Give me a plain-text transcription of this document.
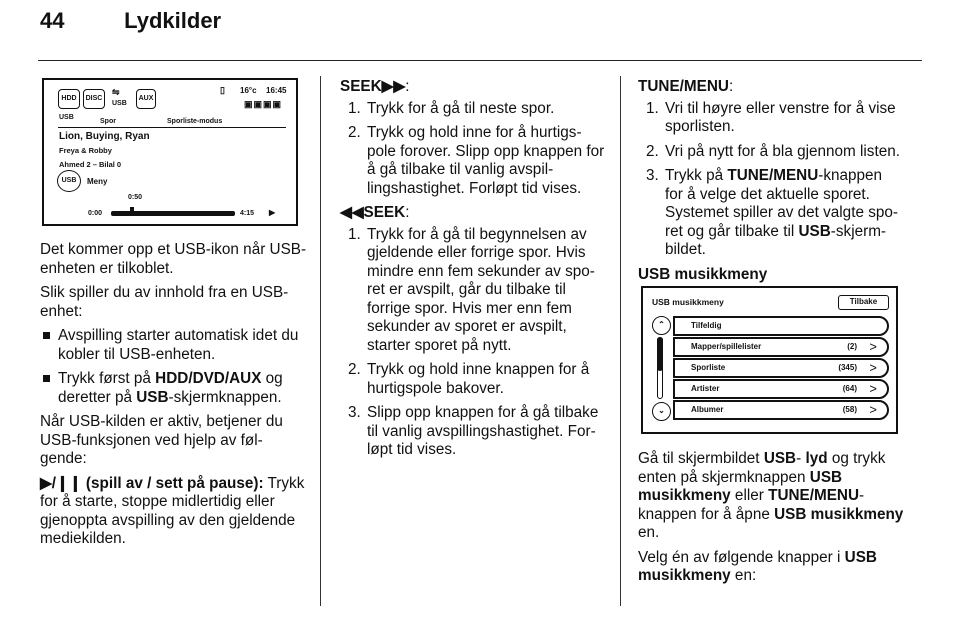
44	Lydkilder
HDD	DISC
⇋
USB
AUX
▯ 16°c 16:45
▣▣▣▣
USB
Spor	Sporliste-modus
Lion, Buying, Ryan
Freya & Robby
Ahmed 2 – Bilal 0
USB	Meny
0:50
0:00	4:15 ▶

Det kommer opp et USB-ikon når USB-enheten er tilkoblet.

Slik spiller du av innhold fra en USB-enhet:

Avspilling starter automatisk idet du kobler til USB-enheten.
Trykk først på HDD/DVD/AUX og deretter på USB-skjermknappen.

Når USB-kilden er aktiv, betjener du USB-funksjonen ved hjelp av føl-gende:

▶/❙❙ (spill av / sett på pause): Trykk for å starte, stoppe midlertidig eller gjenoppta avspilling av den gjeldende mediekilden.

SEEK▶▶:

1. Trykk for å gå til neste spor.
2. Trykk og hold inne for å hurtigs-pole forover. Slipp opp knappen for å gå tilbake til vanlig avspil-lingshastighet. Forløpt tid vises.

◀◀SEEK:

1. Trykk for å gå til begynnelsen av gjeldende eller forrige spor. Hvis mindre enn fem sekunder av spo-ret er avspilt, går du tilbake til forrige spor. Hvis mer enn fem sekunder av sporet er avspilt, starter sporet på nytt.
2. Trykk og hold inne knappen for å hurtigspole bakover.
3. Slipp opp knappen for å gå tilbake til vanlig avspillingshastighet. For-løpt tid vises.

TUNE/MENU:

1. Vri til høyre eller venstre for å vise sporlisten.
2. Vri på nytt for å bla gjennom listen.
3. Trykk på TUNE/MENU-knappen for å velge det aktuelle sporet. Systemet spiller av det valgte spo-ret og går tilbake til USB-skjerm-bildet.

USB musikkmeny

USB musikkmeny	Tilbake
⌃
⌄
Tilfeldig
Mapper/spillelister	(2) >
Sporliste	(345) >
Artister	(64) >
Albumer	(58) >

Gå til skjermbildet USB- lyd og trykk enten på skjermknappen USB musikkmeny eller TUNE/MENU-knappen for å åpne USB musikkmeny en.

Velg én av følgende knapper i USB musikkmeny en:
